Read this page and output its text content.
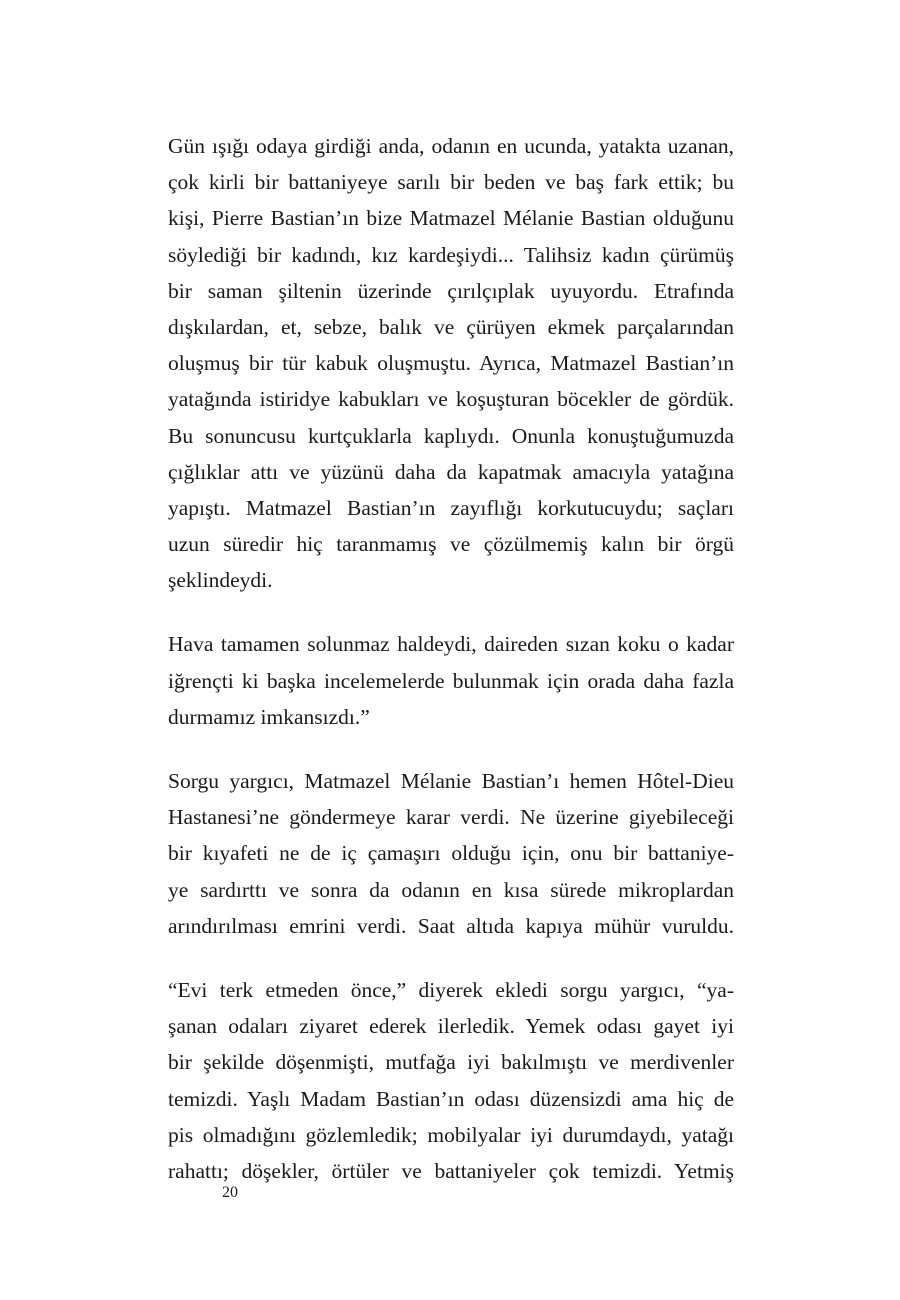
Gün ışığı odaya girdiği anda, odanın en ucunda, yatakta uzanan,
çok kirli bir battaniyeye sarılı bir beden ve baş fark ettik; bu
kişi, Pierre Bastian’ın bize Matmazel Mélanie Bastian olduğunu
söylediği bir kadındı, kız kardeşiydi... Talihsiz kadın çürümüş
bir saman şiltenin üzerinde çırılçıplak uyuyordu. Etrafında
dışkılardan, et, sebze, balık ve çürüyen ekmek parçalarından
oluşmuş bir tür kabuk oluşmuştu. Ayrıca, Matmazel Bastian’ın
yatağında istiridye kabukları ve koşuşturan böcekler de gördük.
Bu sonuncusu kurtçuklarla kaplıydı. Onunla konuştuğumuzda
çığlıklar attı ve yüzünü daha da kapatmak amacıyla yatağına
yapıştı. Matmazel Bastian’ın zayıflığı korkutucuydu; saçları
uzun süredir hiç taranmamış ve çözülmemiş kalın bir örgü
şeklindeydi.

Hava tamamen solunmaz haldeydi, daireden sızan koku o kadar
iğrençti ki başka incelemelerde bulunmak için orada daha fazla
durmamız imkansızdı.”

Sorgu yargıcı, Matmazel Mélanie Bastian’ı hemen Hôtel-Dieu
Hastanesi’ne göndermeye karar verdi. Ne üzerine giyebileceği
bir kıyafeti ne de iç çamaşırı olduğu için, onu bir battaniye-
ye sardırttı ve sonra da odanın en kısa sürede mikroplardan
arındırılması emrini verdi. Saat altıda kapıya mühür vuruldu.

“Evi terk etmeden önce,” diyerek ekledi sorgu yargıcı, “ya-
şanan odaları ziyaret ederek ilerledik. Yemek odası gayet iyi
bir şekilde döşenmişti, mutfağa iyi bakılmıştı ve merdivenler
temizdi. Yaşlı Madam Bastian’ın odası düzensizdi ama hiç de
pis olmadığını gözlemledik; mobilyalar iyi durumdaydı, yatağı
rahattı; döşekler, örtüler ve battaniyeler çok temizdi. Yetmiş

20
